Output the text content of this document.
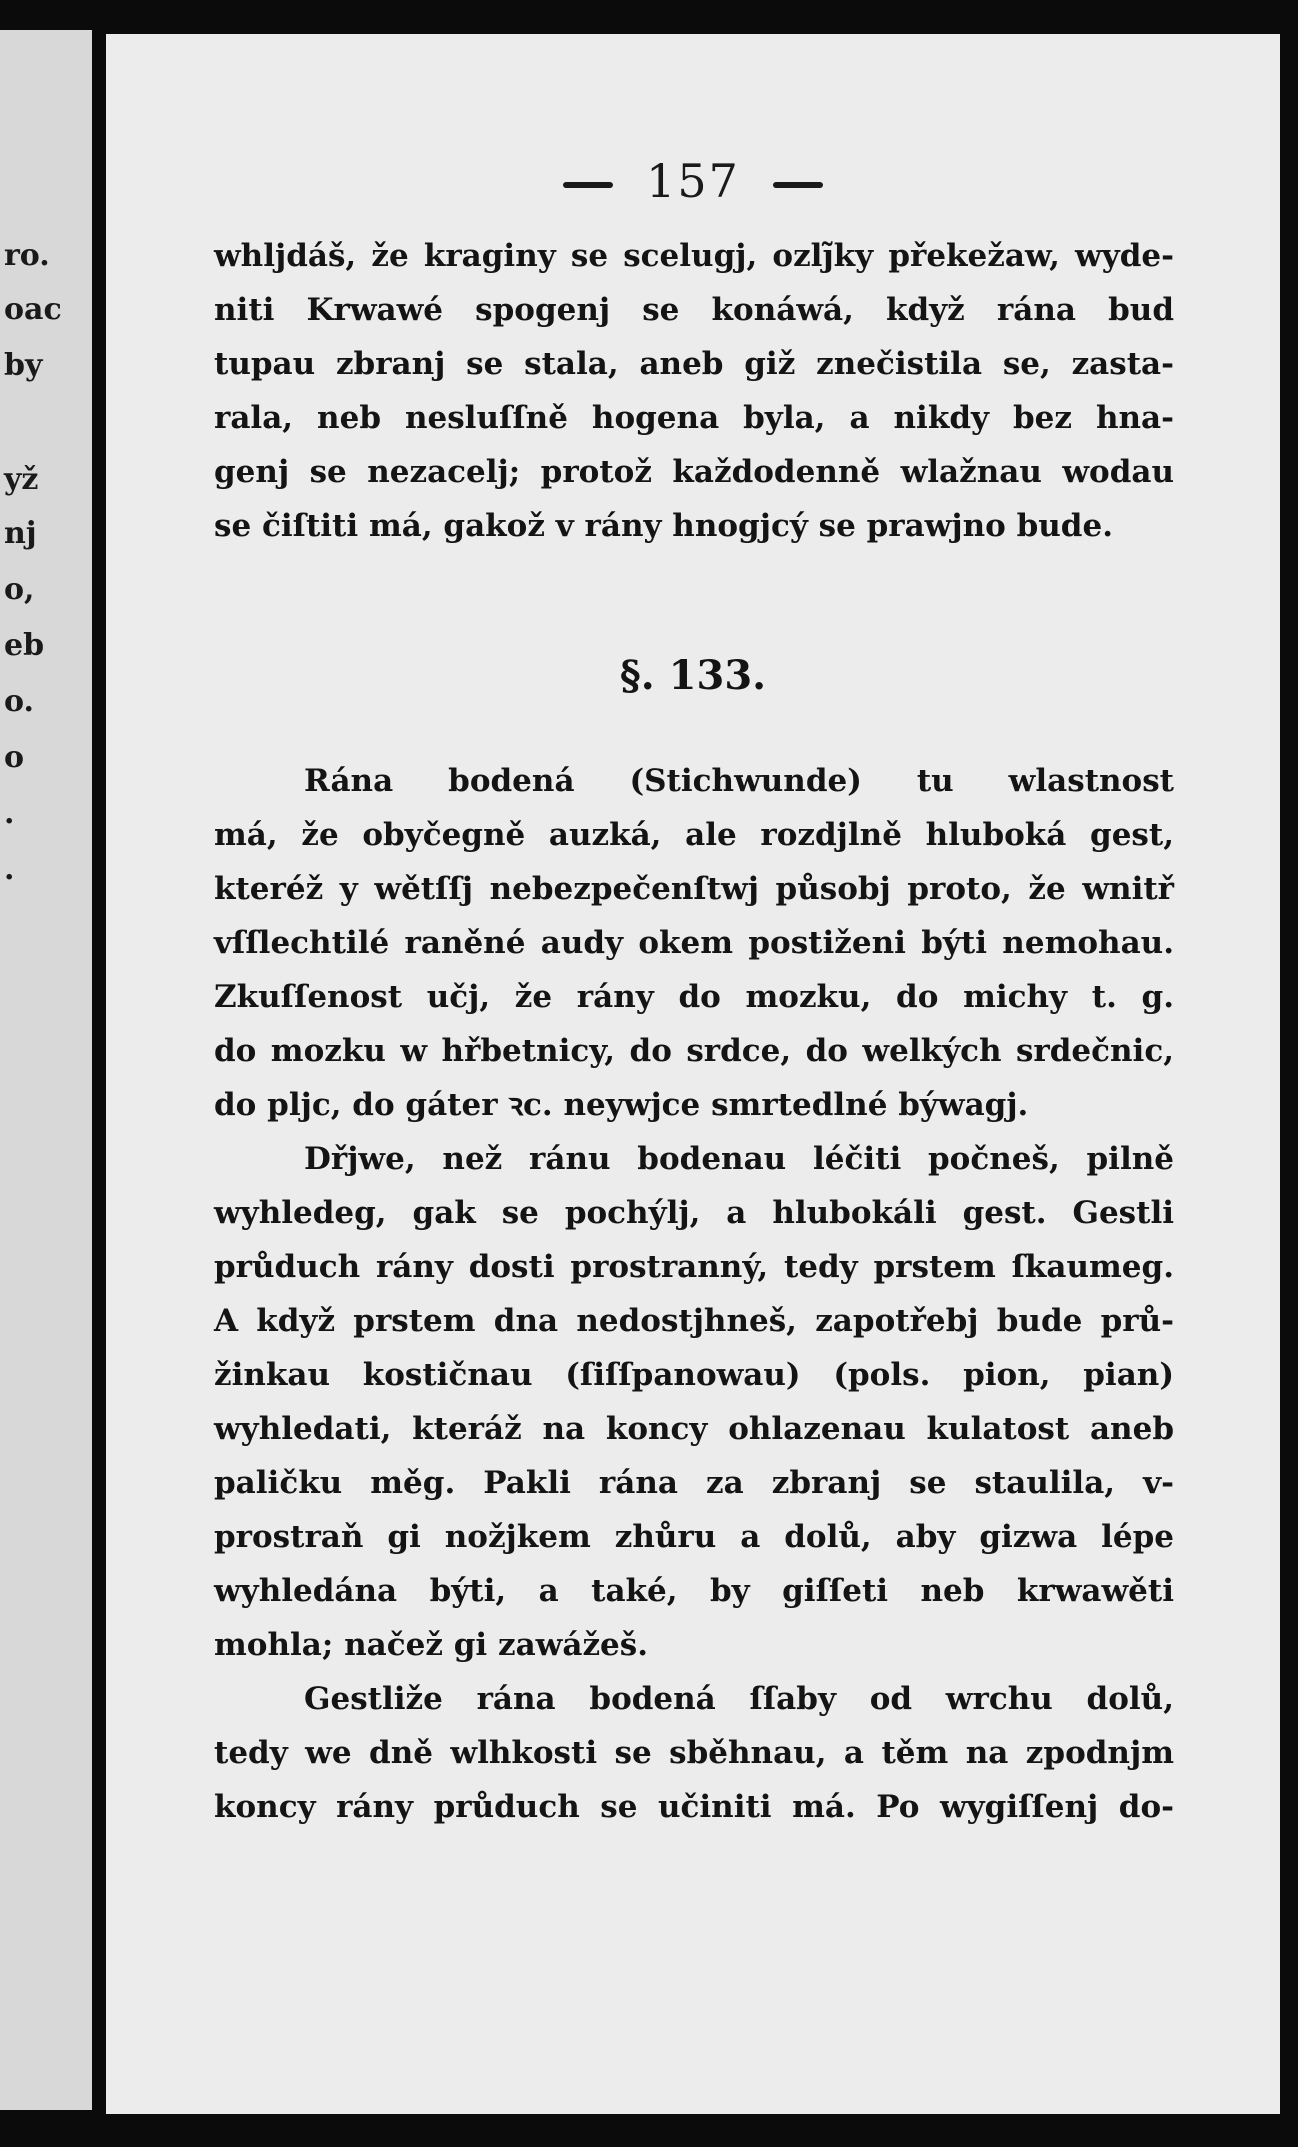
ro.
oac
by
yž
nj
o,
eb
o.
o
.
.
157
whljdáš, že kraginy se scelugj, ozlj̃ky překežaw, wyde-
niti Krwawé spogenj se konáwá, když rána bud
tupau zbranj se stala, aneb giž znečistila se, zasta-
rala, neb nesluſſně hogena byla, a nikdy bez hna-
genj se nezacelj; protož každodenně wlažnau wodau
se čiſtiti má, gakož v rány hnogjcý se prawjno bude.
§. 133.
Rána bodená (Stichwunde) tu wlastnost
má, že obyčegně auzká, ale rozdjlně hluboká gest,
kteréž y wětſſj nebezpečenſtwj působj proto, že wnitř
vſſlechtilé raněné audy okem postiženi býti nemohau.
Zkuſſenost učj, že rány do mozku, do michy t. g.
do mozku w hřbetnicy, do srdce, do welkých srdečnic,
do pljc, do gáter ꝛc. neywjce smrtedlné býwagj.
Dřjwe, než ránu bodenau léčiti počneš, pilně
wyhledeg, gak se pochýlj, a hlubokáli gest. Gestli
průduch rány dosti prostranný, tedy prstem ſkaumeg.
A když prstem dna nedostjhneš, zapotřebj bude prů-
žinkau kostičnau (ſiſſpanowau) (pols. pion, pian)
wyhledati, kteráž na koncy ohlazenau kulatost aneb
paličku měg. Pakli rána za zbranj se staulila, v-
prostraň gi nožjkem zhůru a dolů, aby gizwa lépe
wyhledána býti, a také, by giſſeti neb krwawěti
mohla; načež gi zawážeš.
Gestliže rána bodená ſſaby od wrchu dolů,
tedy we dně wlhkosti se sběhnau, a těm na zpodnjm
koncy rány průduch se učiniti má. Po wygiſſenj do-
